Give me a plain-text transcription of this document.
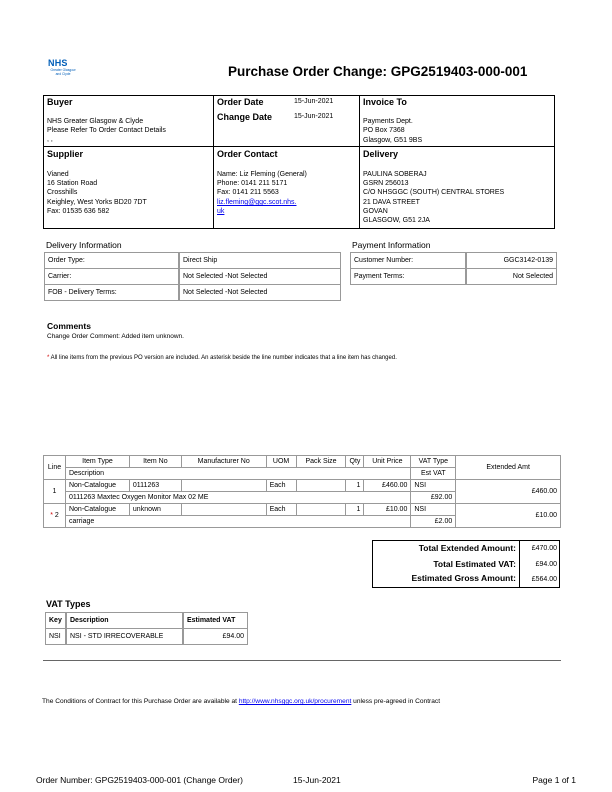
NHS
Greater Glasgow
and Clyde	Purchase Order Change: GPG2519403-000-001
Buyer
NHS Greater Glasgow & Clyde
Please Refer To Order Contact Details
, ,
Order Date	15-Jun-2021
Change Date	15-Jun-2021
Invoice To
Payments Dept.
PO Box 7368
Glasgow, G51 9BS
Supplier
Vianed
16 Station Road
Crosshills
Keighley, West Yorks BD20 7DT
Fax: 01535 636 582
Order Contact
Name: Liz Fleming (General)
Phone: 0141 211 5171
Fax: 0141 211 5563
liz.fleming@ggc.scot.nhs.
uk
Delivery
PAULINA SOBERAJ
GSRN 256013
C/O NHSGGC (SOUTH) CENTRAL STORES
21 DAVA STREET
GOVAN
GLASGOW, G51 2JA
Delivery Information
Order Type:	Direct Ship
Carrier:	Not Selected -Not Selected
FOB - Delivery Terms:	Not Selected -Not Selected
Payment Information
Customer Number:	GGC3142-0139
Payment Terms:	Not Selected
Comments
Change Order Comment: Added item unknown.
* All line items from the previous PO version are included. An asterisk beside the line number indicates that a line item has changed.
Line	Item Type	Item No	Manufacturer No	UOM	Pack Size	Qty	Unit Price	VAT Type	Extended Amt
	Description							Est VAT	
1	Non-Catalogue	0111263		Each		1	£460.00	NSI	£460.00
	0111263 Maxtec Oxygen Monitor Max 02 ME							£92.00	
* 2	Non-Catalogue	unknown		Each		1	£10.00	NSI	£10.00
	carriage							£2.00	
Total Extended Amount: £470.00
Total Estimated VAT:	£94.00
Estimated Gross Amount: £564.00
VAT Types
Key	Description	Estimated VAT
NSI	NSI - STD IRRECOVERABLE	£94.00
The Conditions of Contract for this Purchase Order are available at http://www.nhsggc.org.uk/procurement unless pre-agreed in Contract
Order Number: GPG2519403-000-001 (Change Order)	15-Jun-2021	Page 1 of 1
